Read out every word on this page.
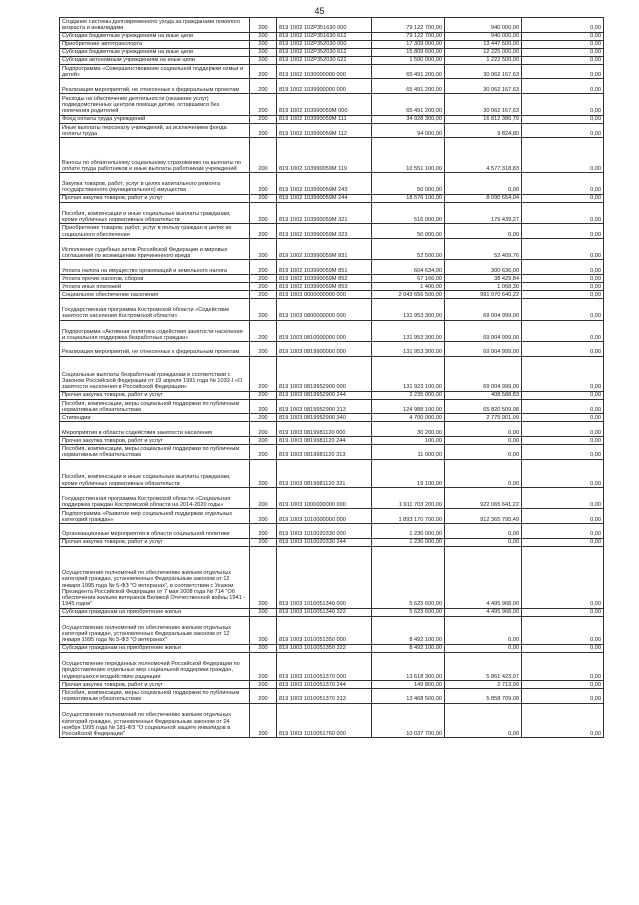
45
Создание системы долговременного ухода за гражданами пожилого возраста и инвалидами	200	819 1002 102P351630 000	79 122 700,00	940 000,00	0,00
Субсидии бюджетным учреждениям на иные цели	200	819 1002 102P351630 612	79 122 700,00	940 000,00	0,00
Приобретение автотранспорта	200	819 1002 102P352030 000	17 309 000,00	13 447 500,00	0,00
Субсидии бюджетным учреждениям на иные цели	200	819 1002 102P352030 612	15 809 600,00	12 225 000,00	0,00
Субсидии автономным учреждениям на иные цели	200	819 1002 102P352030 622	1 500 000,00	1 222 500,00	0,00
Подпрограмма «Совершенствование социальной поддержки семьи и детей»	200	819 1002 1030000000 000	65 491 200,00	30 062 167,63	0,00
Реализация мероприятий, не отнесенных к федеральным проектам	200	819 1002 1039900000 000	65 491 200,00	30 062 167,63	0,00
Расходы на обеспечение деятельности (оказание услуг) подведомственных центров помощи детям, оставшимся без попечения родителей	200	819 1002 103990059M 000	65 491 200,00	30 062 167,63	0,00
Фонд оплаты труда учреждений	200	819 1002 103990059M 111	34 928 300,00	16 812 386,79	0,00
Иные выплаты персоналу учреждений, за исключением фонда оплаты труда	200	819 1002 103990059M 112	94 000,00	9 824,80	0,00
Взносы по обязательному социальному страхованию на выплаты по оплате труда работников и иные выплаты работникам учреждений	200	819 1002 103990059M 119	10 551 100,00	4 577 318,83	0,00
Закупка товаров, работ, услуг в целях капитального ремонта государственного (муниципального) имущества	200	819 1002 103990059M 243	50 000,00	0,00	0,00
Прочая закупка товаров, работ и услуг	200	819 1002 103990059M 244	18 576 100,00	8 090 654,04	0,00
Пособия, компенсации и иные социальные выплаты гражданам, кроме публичных нормативных обязательств	200	819 1002 103990059M 321	516 000,00	179 439,27	0,00
Приобретение товаров, работ, услуг в пользу граждан в целях их социального обеспечения	200	819 1002 103990059M 323	50 000,00	0,00	0,00
Исполнение судебных актов Российской Федерации и мировых соглашений по возмещению причиненного вреда	200	819 1002 103990059M 831	52 500,00	52 409,76	0,00
Уплата налога на имущество организаций и земельного налога	200	819 1002 103990059M 851	604 634,00	300 636,00	0,00
Уплата прочих налогов, сборов	200	819 1002 103990059M 852	67 166,00	38 429,84	0,00
Уплата иных платежей	200	819 1002 103990059M 853	1 400,00	1 068,30	0,00
Социальное обеспечение населения	200	819 1003 0000000000 000	2 043 656 500,00	991 070 640,22	0,00
Государственная программа Костромской области «Содействие занятости населения Костромской области»	200	819 1003 0800000000 000	131 953 300,00	69 004 999,00	0,00
Подпрограмма «Активная политика содействия занятости населения и социальная поддержка безработных граждан»	200	819 1003 0810000000 000	131 953 300,00	69 004 999,00	0,00
Реализация мероприятий, не отнесенных к федеральным проектам	200	819 1003 0819900000 000	131 953 300,00	69 004 999,00	0,00
Социальные выплаты безработным гражданам в соответствии с Законом Российской Федерации от 19 апреля 1991 года № 1032-I «О занятости населения в Российской Федерации»	200	819 1003 0819952900 000	131 923 100,00	69 004 999,00	0,00
Прочая закупка товаров, работ и услуг	200	819 1003 0819952900 244	2 235 000,00	408 588,83	0,00
Пособия, компенсации, меры социальной поддержки по публичным нормативным обязательствам	200	819 1003 0819952900 313	124 988 100,00	65 820 509,08	0,00
Стипендии	200	819 1003 0819952900 340	4 700 000,00	2 775 901,09	0,00
Мероприятия в области содействия занятости населения	200	819 1003 0819981120 000	30 200,00	0,00	0,00
Прочая закупка товаров, работ и услуг	200	819 1003 0819981120 244	100,00	0,00	0,00
Пособия, компенсации, меры социальной поддержки по публичным нормативным обязательствам	200	819 1003 0819981120 313	11 000,00	0,00	0,00
Пособия, компенсации и иные социальные выплаты гражданам, кроме публичных нормативных обязательств	200	819 1003 0819981120 321	19 100,00	0,00	0,00
Государственная программа Костромской области «Социальная поддержка граждан Костромской области на 2014-2020 годы»	200	819 1003 1000000000 000	1 911 703 200,00	922 065 641,22	0,00
Подпрограмма «Развитие мер социальной поддержки отдельных категорий граждан»	200	819 1003 1010000000 000	1 893 170 700,00	912 365 795,49	0,00
Организационные мероприятия в области социальной политики	200	819 1003 1010020330 000	1 230 000,00	0,00	0,00
Прочая закупка товаров, работ и услуг	200	819 1003 1010020330 244	1 230 000,00	0,00	0,00
Осуществление полномочий по обеспечению жильем отдельных категорий граждан, установленных Федеральным законом от 12 января 1995 года № 5-ФЗ "О ветеранах", в соответствии с Указом Президента Российской Федерации от 7 мая 2008 года № 714 "Об обеспечении жильем ветеранов Великой Отечественной войны 1941 - 1945 годов"	200	819 1003 1010051340 000	5 623 600,00	4 495 968,00	0,00
Субсидии гражданам на приобретение жилья	200	819 1003 1010051340 322	5 623 600,00	4 495 968,00	0,00
Осуществление полномочий по обеспечению жильем отдельных категорий граждан, установленных Федеральным законом от 12 января 1995 года № 5-ФЗ "О ветеранах"	200	819 1003 1010051350 000	8 492 100,00	0,00	0,00
Субсидии гражданам на приобретение жилья	200	819 1003 1010051350 322	8 492 100,00	0,00	0,00
Осуществление переданных полномочий Российской Федерации по предоставлению отдельных мер социальной поддержки граждан, подвергшихся воздействию радиации	200	819 1003 1010051370 000	13 618 300,00	5 861 423,07	0,00
Прочая закупка товаров, работ и услуг	200	819 1003 1010051370 244	149 800,00	2 713,99	0,00
Пособия, компенсации, меры социальной поддержки по публичным нормативным обязательствам	200	819 1003 1010051370 313	13 468 500,00	5 858 709,08	0,00
Осуществление полномочий по обеспечению жильем отдельных категорий граждан, установленных Федеральным законом от 24 ноября 1995 года № 181-ФЗ "О социальной защите инвалидов в Российской Федерации"	200	819 1003 1010051760 000	10 037 700,00	0,00	0,00
